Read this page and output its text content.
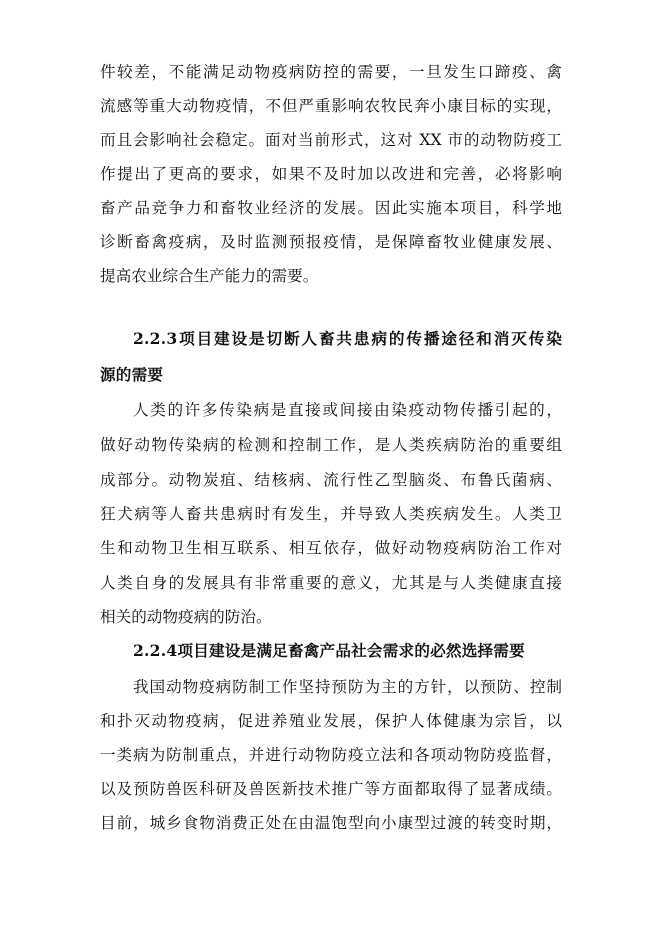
件较差，不能满足动物疫病防控的需要，一旦发生口蹄疫、禽
流感等重大动物疫情，不但严重影响农牧民奔小康目标的实现，
而且会影响社会稳定。面对当前形式，这对 XX 市的动物防疫工
作提出了更高的要求，如果不及时加以改进和完善，必将影响
畜产品竞争力和畜牧业经济的发展。因此实施本项目，科学地
诊断畜禽疫病，及时监测预报疫情，是保障畜牧业健康发展、
提高农业综合生产能力的需要。
2.2.3项目建设是切断人畜共患病的传播途径和消灭传染
源的需要
人类的许多传染病是直接或间接由染疫动物传播引起的，
做好动物传染病的检测和控制工作，是人类疾病防治的重要组
成部分。动物炭疽、结核病、流行性乙型脑炎、布鲁氏菌病、
狂犬病等人畜共患病时有发生，并导致人类疾病发生。人类卫
生和动物卫生相互联系、相互依存，做好动物疫病防治工作对
人类自身的发展具有非常重要的意义，尤其是与人类健康直接
相关的动物疫病的防治。
2.2.4项目建设是满足畜禽产品社会需求的必然选择需要
我国动物疫病防制工作坚持预防为主的方针，以预防、控制
和扑灭动物疫病，促进养殖业发展，保护人体健康为宗旨，以
一类病为防制重点，并进行动物防疫立法和各项动物防疫监督，
以及预防兽医科研及兽医新技术推广等方面都取得了显著成绩。
目前，城乡食物消费正处在由温饱型向小康型过渡的转变时期，
